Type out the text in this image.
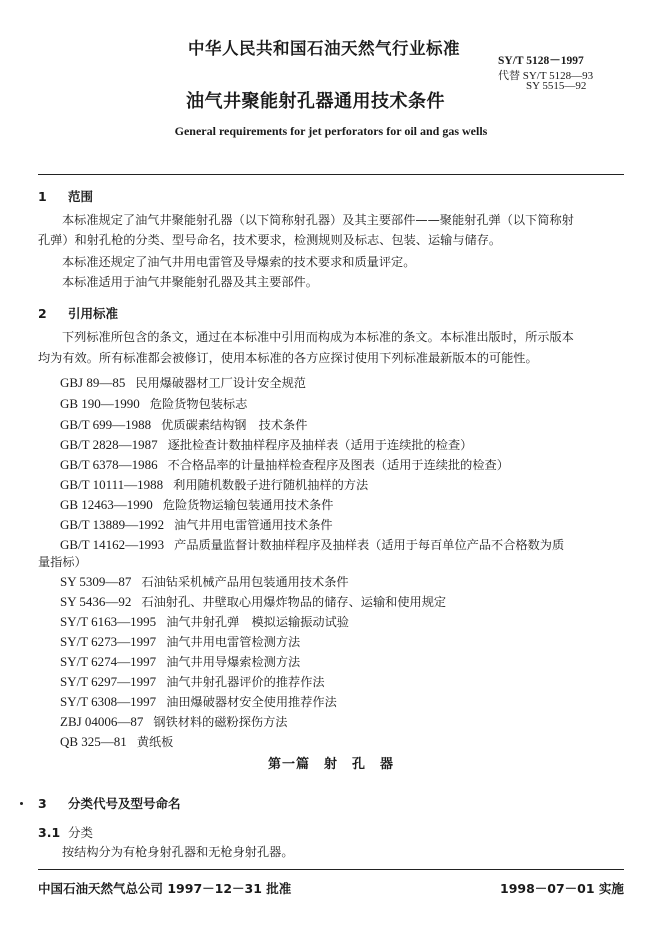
中华人民共和国石油天然气行业标准
SY/T 5128－1997
代替 SY/T 5128—93
SY 5515—92
油气井聚能射孔器通用技术条件
General requirements for jet perforators for oil and gas wells
1 范围
本标准规定了油气井聚能射孔器（以下简称射孔器）及其主要部件——聚能射孔弹（以下简称射
孔弹）和射孔枪的分类、型号命名，技术要求，检测规则及标志、包装、运输与储存。
本标准还规定了油气井用电雷管及导爆索的技术要求和质量评定。
本标准适用于油气井聚能射孔器及其主要部件。
2 引用标准
下列标准所包含的条文，通过在本标准中引用而构成为本标准的条文。本标准出版时，所示版本
均为有效。所有标准都会被修订，使用本标准的各方应探讨使用下列标准最新版本的可能性。
GBJ 89—85 民用爆破器材工厂设计安全规范
GB 190—1990 危险货物包装标志
GB/T 699—1988 优质碳素结构钢　技术条件
GB/T 2828—1987 逐批检查计数抽样程序及抽样表（适用于连续批的检查）
GB/T 6378—1986 不合格品率的计量抽样检查程序及图表（适用于连续批的检查）
GB/T 10111—1988 利用随机数骰子进行随机抽样的方法
GB 12463—1990 危险货物运输包装通用技术条件
GB/T 13889—1992 油气井用电雷管通用技术条件
GB/T 14162—1993 产品质量监督计数抽样程序及抽样表（适用于每百单位产品不合格数为质
量指标）
SY 5309—87 石油钻采机械产品用包装通用技术条件
SY 5436—92 石油射孔、井壁取心用爆炸物品的储存、运输和使用规定
SY/T 6163—1995 油气井射孔弹　模拟运输振动试验
SY/T 6273—1997 油气井用电雷管检测方法
SY/T 6274—1997 油气井用导爆索检测方法
SY/T 6297—1997 油气井射孔器评价的推荐作法
SY/T 6308—1997 油田爆破器材安全使用推荐作法
ZBJ 04006—87 钢铁材料的磁粉探伤方法
QB 325—81 黄纸板
第一篇　射　孔　器
3 分类代号及型号命名
3.1 分类
按结构分为有枪身射孔器和无枪身射孔器。
中国石油天然气总公司 1997－12－31 批准	1998－07－01 实施
